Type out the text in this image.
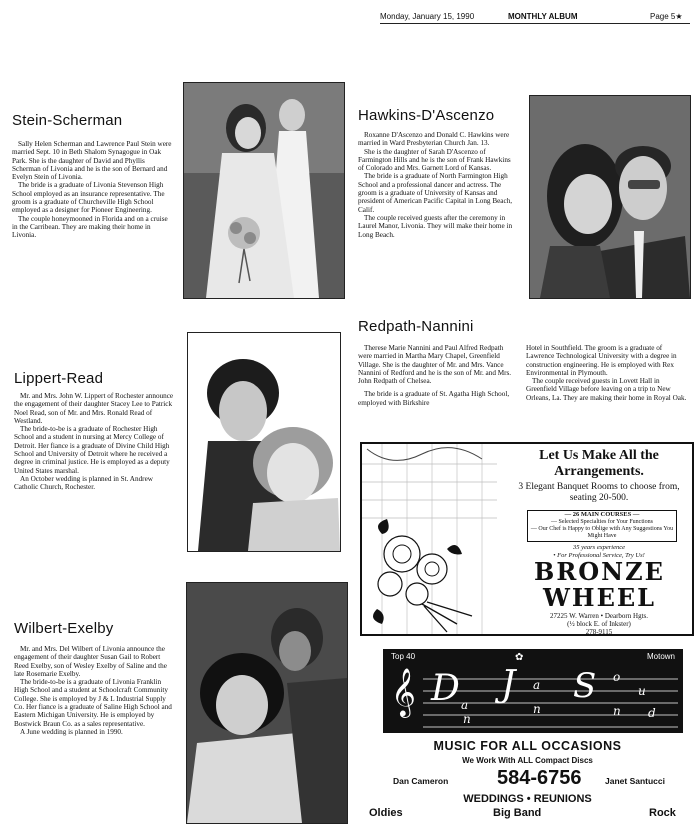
Monday, January 15, 1990	MONTHLY ALBUM	Page 5★
Stein-Scherman

Sally Helen Scherman and Lawrence Paul Stein were married Sept. 10 in Beth Shalom Synagogue in Oak Park. She is the daughter of David and Phyllis Scherman of Livonia and he is the son of Bernard and Evelyn Stein of Livonia.

The bride is a graduate of Livonia Stevenson High School employed as an insurance representative. The groom is a graduate of Churcheville High School employed as a designer for Pioneer Engineering.

The couple honeymooned in Florida and on a cruise in the Carribean. They are making their home in Livonia.

Hawkins-D'Ascenzo

Roxanne D'Ascenzo and Donald C. Hawkins were married in Ward Presbyterian Church Jan. 13.

She is the daughter of Sarah D'Ascenzo of Farmington Hills and he is the son of Frank Hawkins of Colorado and Mrs. Garnett Lord of Kansas.

The bride is a graduate of North Farmington High School and a professional dancer and actress. The groom is a graduate of University of Kansas and president of American Pacific Capital in Long Beach, Calif.

The couple received guests after the ceremony in Laurel Manor, Livonia. They will make their home in Long Beach.

Redpath-Nannini

Therese Marie Nannini and Paul Alfred Redpath were married in Martha Mary Chapel, Greenfield Village. She is the daughter of Mr. and Mrs. Vance Nannini of Redford and he is the son of Mr. and Mrs. John Redpath of Chelsea.

The bride is a graduate of St. Agatha High School, employed with Birkshire

Hotel in Southfield. The groom is a graduate of Lawrence Technological University with a degree in construction engineering. He is employed with Rex Environmental in Plymouth.

The couple received guests in Lovett Hall in Greenfield Village before leaving on a trip to New Orleans, La. They are making their home in Royal Oak.

Lippert-Read

Mr. and Mrs. John W. Lippert of Rochester announce the engagement of their daughter Stacey Lee to Patrick Noel Read, son of Mr. and Mrs. Ronald Read of Westland.

The bride-to-be is a graduate of Rochester High School and a student in nursing at Mercy College of Detroit. Her fiance is a graduate of Divine Child High School and University of Detroit where he received a degree in criminal justice. He is employed as a deputy United States marshal.

An October wedding is planned in St. Andrew Catholic Church, Rochester.

Wilbert-Exelby

Mr. and Mrs. Del Wilbert of Livonia announce the engagement of their daughter Susan Gail to Robert Reed Exelby, son of Wesley Exelby of Saline and the late Rosemarie Exelby.

The bride-to-be is a graduate of Livonia Franklin High School and a student at Schoolcraft Community College. She is employed by J & L Industrial Supply Co. Her fiance is a graduate of Saline High School and Eastern Michigan University. He is employed by Bostwick Braun Co. as a sales representative.

A June wedding is planned in 1990.

Let Us Make All the Arrangements.
3 Elegant Banquet Rooms to choose from, seating 20-500.
— 26 MAIN COURSES —
— Selected Specialties for Your Functions
— Our Chef is Happy to Oblige with Any Suggestions You Might Have
35 years experience
• For Professional Service, Try Us!
BRONZE WHEEL
27225 W. Warren • Dearborn Hgts.
(½ block E. of Inkster)
278-9115
Top 40	✿	Motown
𝄞 D a
n
J a
n
S o
u
n d
MUSIC FOR ALL OCCASIONS
We Work With ALL Compact Discs
Dan Cameron 584-6756	Janet Santucci
WEDDINGS • REUNIONS
Oldies	Big Band	Rock
